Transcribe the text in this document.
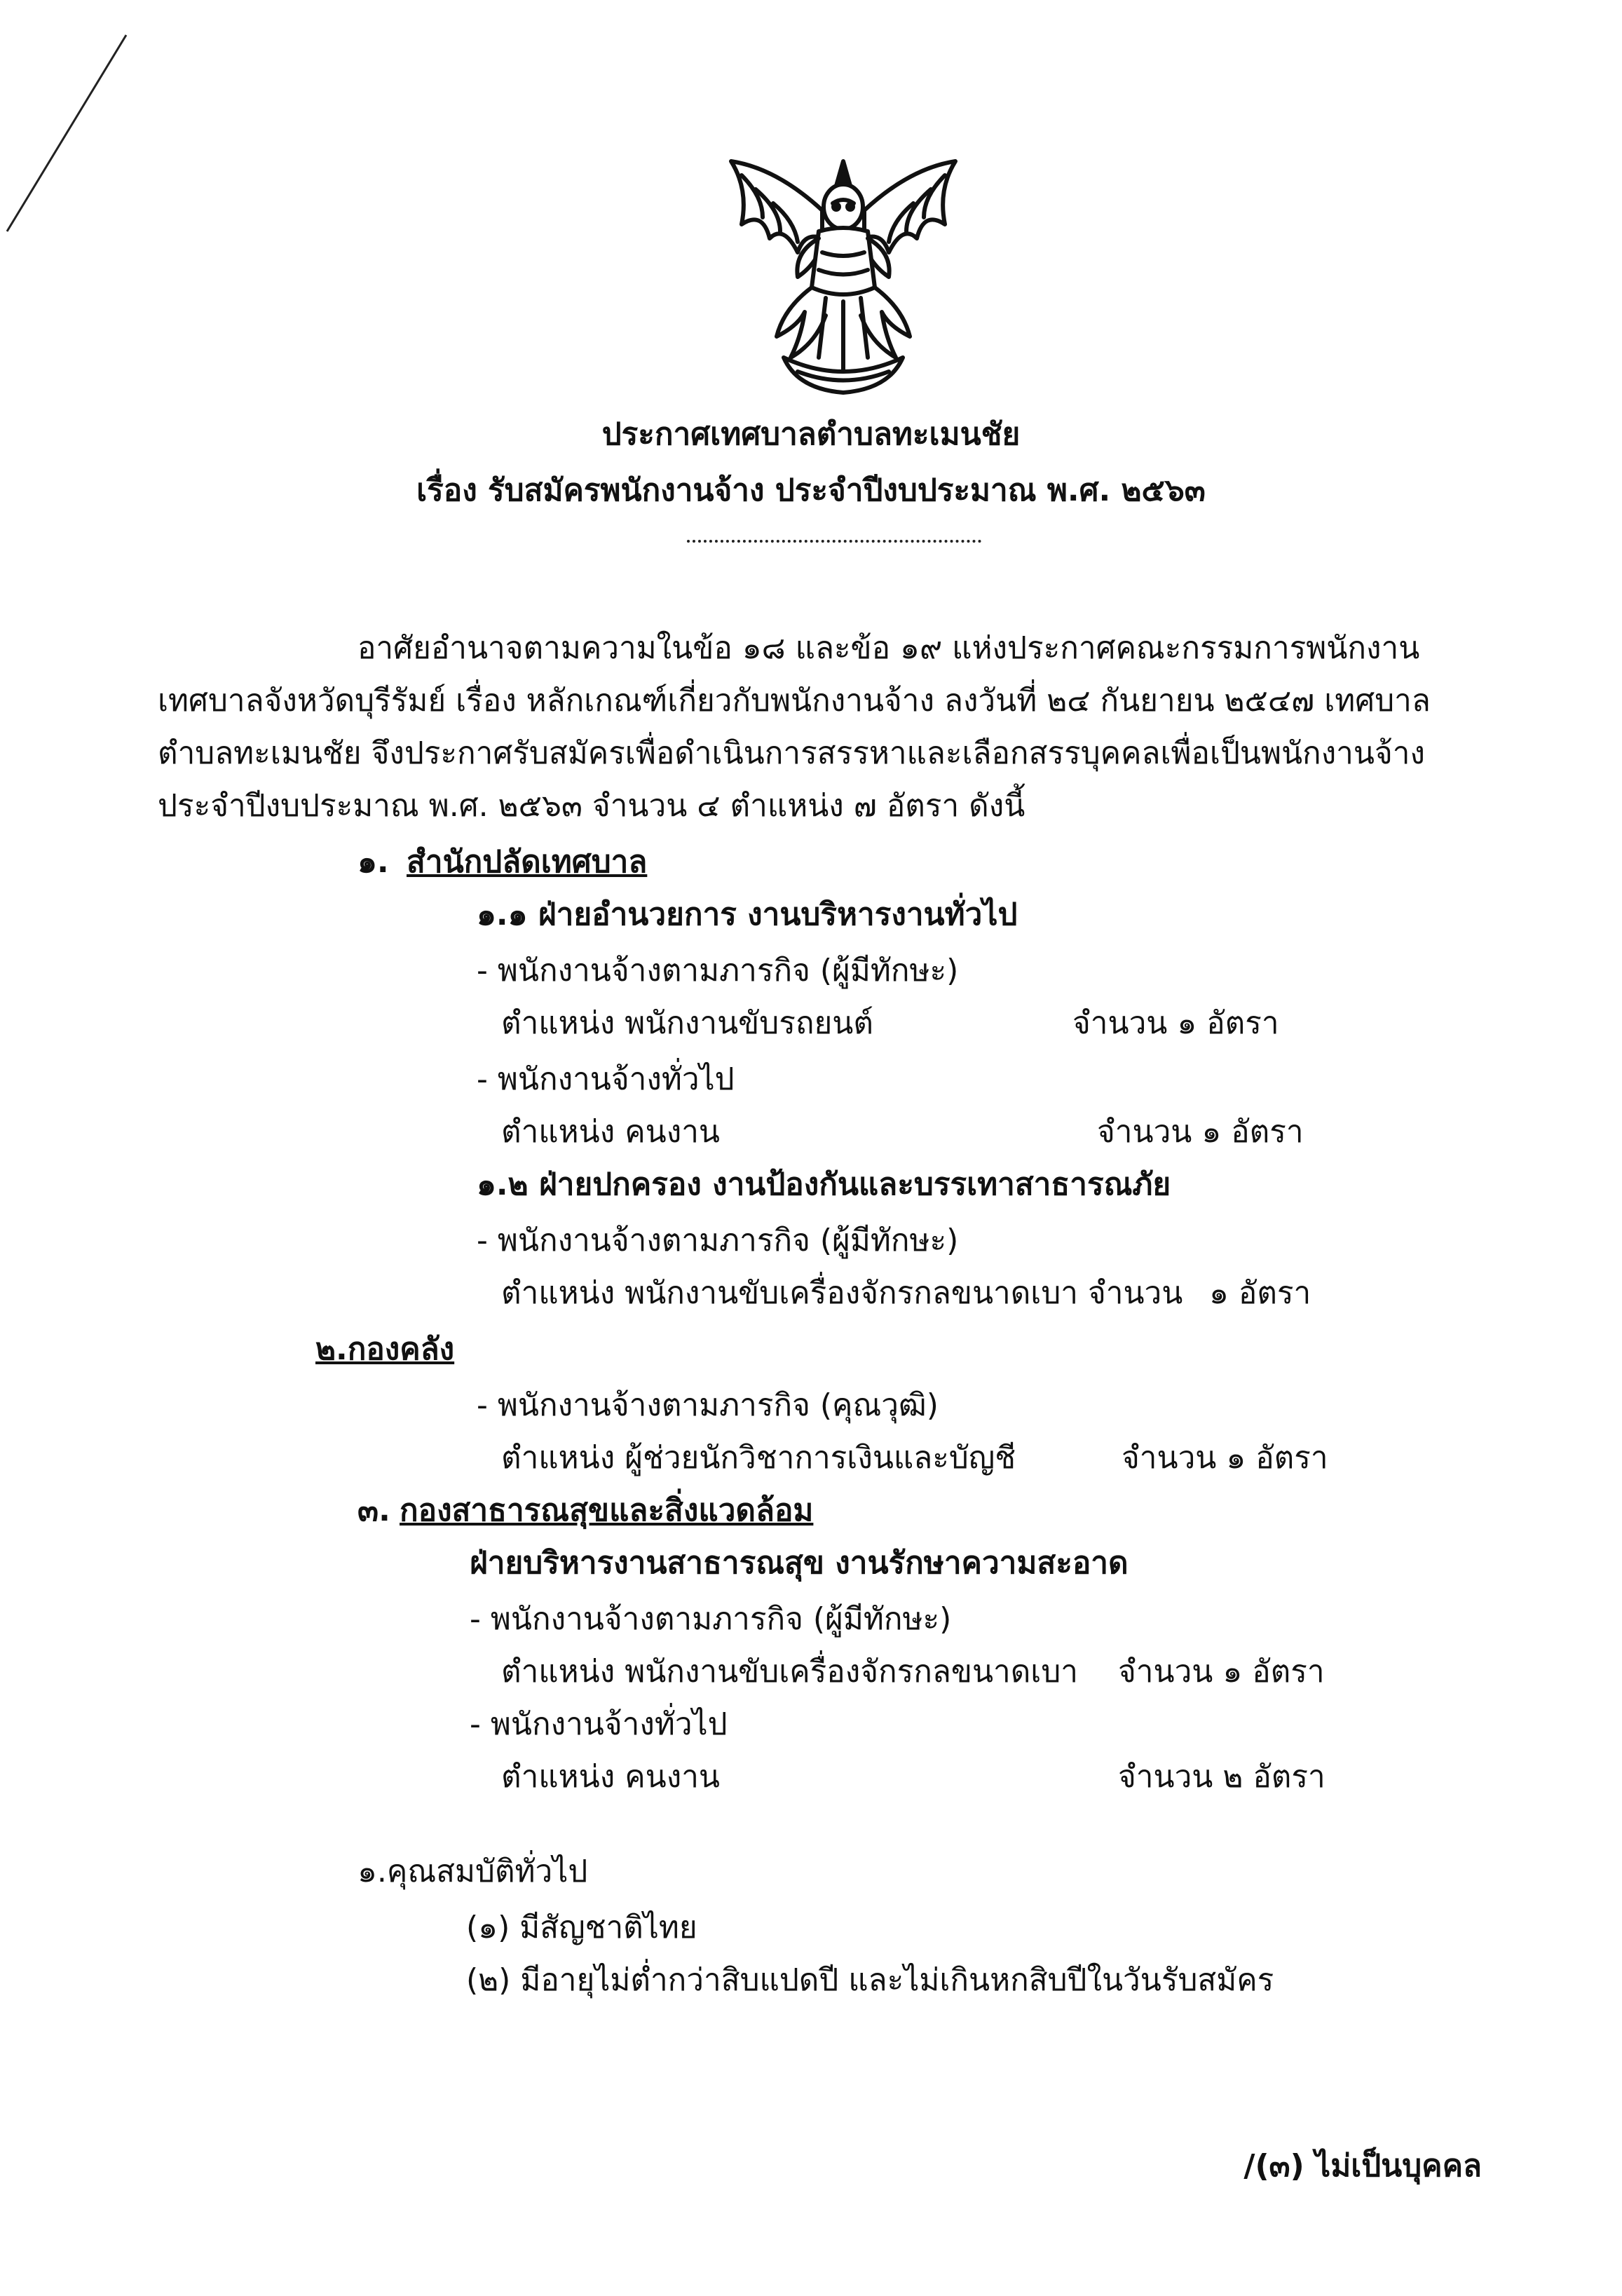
ประกาศเทศบาลตำบลทะเมนชัย
เรื่อง รับสมัครพนักงานจ้าง ประจำปีงบประมาณ พ.ศ. ๒๕๖๓
อาศัยอำนาจตามความในข้อ ๑๘ และข้อ ๑๙ แห่งประกาศคณะกรรมการพนักงาน
เทศบาลจังหวัดบุรีรัมย์ เรื่อง หลักเกณฑ์เกี่ยวกับพนักงานจ้าง ลงวันที่ ๒๔ กันยายน ๒๕๔๗ เทศบาล
ตำบลทะเมนชัย จึงประกาศรับสมัครเพื่อดำเนินการสรรหาและเลือกสรรบุคคลเพื่อเป็นพนักงานจ้าง
ประจำปีงบประมาณ พ.ศ. ๒๕๖๓ จำนวน ๔ ตำแหน่ง ๗ อัตรา ดังนี้
๑. สำนักปลัดเทศบาล
๑.๑ ฝ่ายอำนวยการ งานบริหารงานทั่วไป
- พนักงานจ้างตามภารกิจ (ผู้มีทักษะ)
ตำแหน่ง พนักงานขับรถยนต์	จำนวน ๑ อัตรา
- พนักงานจ้างทั่วไป
ตำแหน่ง คนงาน	จำนวน ๑ อัตรา
๑.๒ ฝ่ายปกครอง งานป้องกันและบรรเทาสาธารณภัย
- พนักงานจ้างตามภารกิจ (ผู้มีทักษะ)
ตำแหน่ง พนักงานขับเครื่องจักรกลขนาดเบา จำนวน ๑ อัตรา
๒.กองคลัง
- พนักงานจ้างตามภารกิจ (คุณวุฒิ)
ตำแหน่ง ผู้ช่วยนักวิชาการเงินและบัญชี	จำนวน ๑ อัตรา
๓. กองสาธารณสุขและสิ่งแวดล้อม
ฝ่ายบริหารงานสาธารณสุข งานรักษาความสะอาด
- พนักงานจ้างตามภารกิจ (ผู้มีทักษะ)
ตำแหน่ง พนักงานขับเครื่องจักรกลขนาดเบา จำนวน ๑ อัตรา
- พนักงานจ้างทั่วไป
ตำแหน่ง คนงาน	จำนวน ๒ อัตรา
๑.คุณสมบัติทั่วไป
(๑) มีสัญชาติไทย
(๒) มีอายุไม่ต่ำกว่าสิบแปดปี และไม่เกินหกสิบปีในวันรับสมัคร
/(๓) ไม่เป็นบุคคล
